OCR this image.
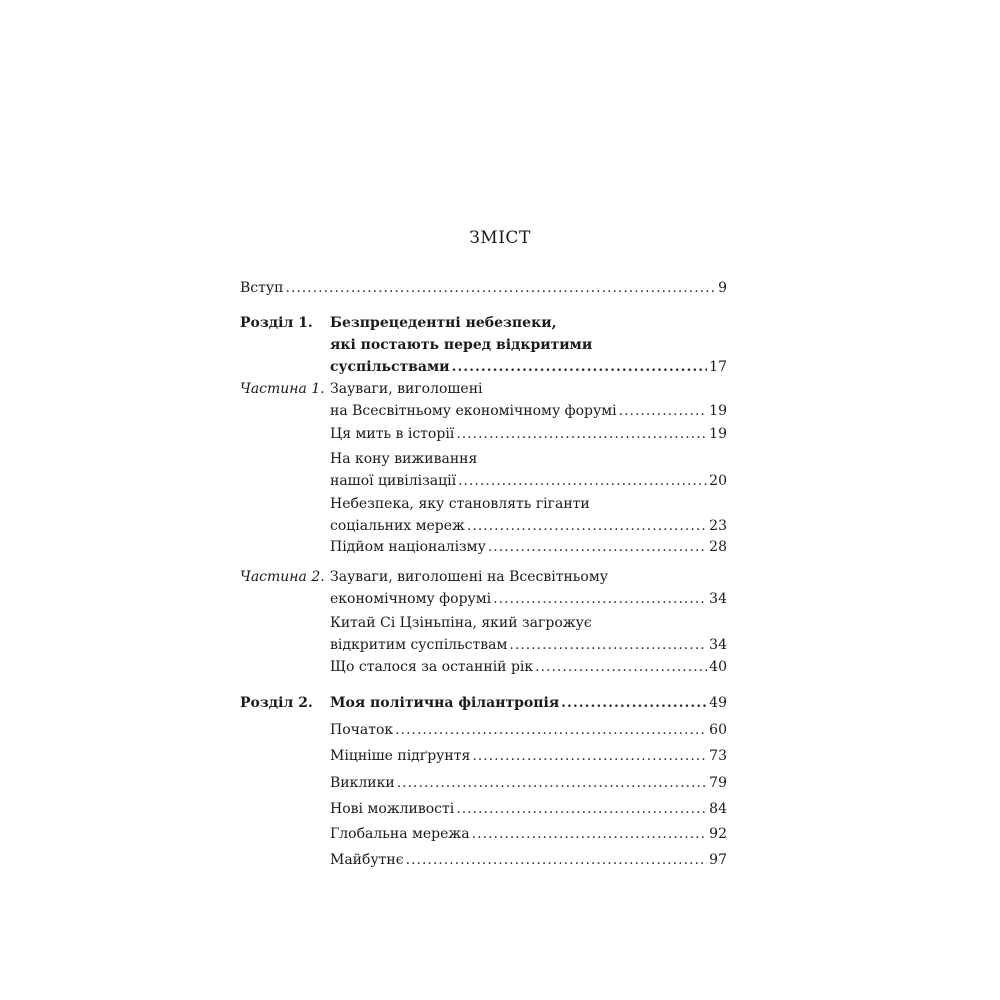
ЗМІСТ
Вступ .....	9
Розділ 1. Безпрецедентні небезпеки,
які постають перед відкритими
суспільствами .....	17
Частина 1. Зауваги, виголошені
на Всесвітньому економічному форумі .....	19
Ця мить в історії .....	19
На кону виживання
нашої цивілізації .....	20
Небезпека, яку становлять гіганти
соціальних мереж .....	23
Підйом націоналізму .....	28
Частина 2. Зауваги, виголошені на Всесвітньому
економічному форумі .....	34
Китай Сі Цзіньпіна, який загрожує
відкритим суспільствам .....	34
Що сталося за останній рік .....	40
Розділ 2. Моя політична філантропія .....	49
Початок .....	60
Міцніше підґрунтя .....	73
Виклики .....	79
Нові можливості .....	84
Глобальна мережа .....	92
Майбутнє .....	97
